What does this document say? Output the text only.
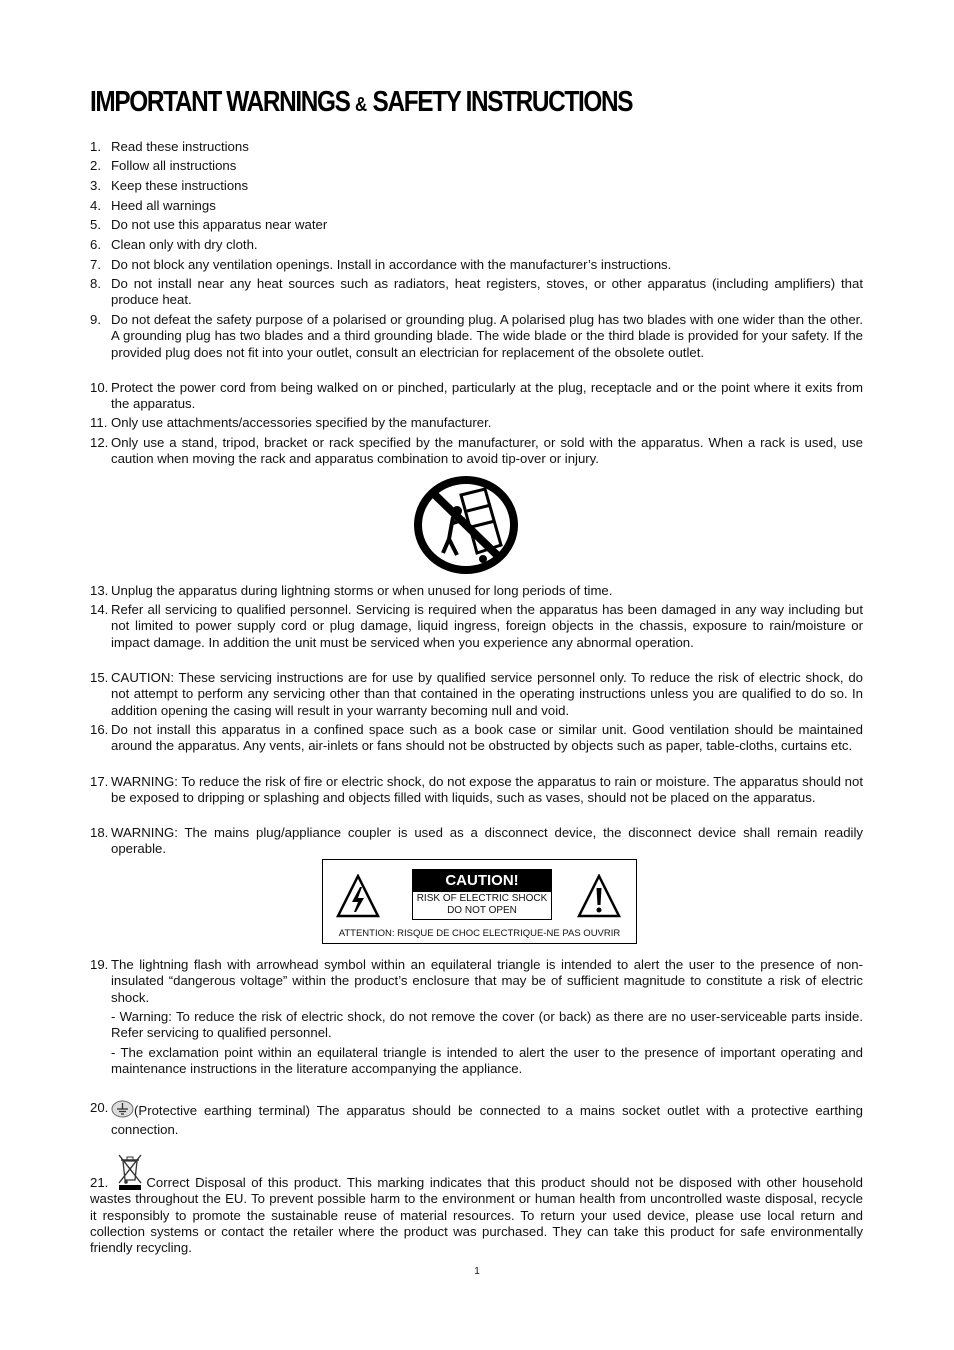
IMPORTANT WARNINGS & SAFETY INSTRUCTIONS
1. Read these instructions
2. Follow all instructions
3. Keep these instructions
4. Heed all warnings
5. Do not use this apparatus near water
6. Clean only with dry cloth.
7. Do not block any ventilation openings. Install in accordance with the manufacturer’s instructions.
8. Do not install near any heat sources such as radiators, heat registers, stoves, or other apparatus (including amplifiers) that produce heat.
9. Do not defeat the safety purpose of a polarised or grounding plug. A polarised plug has two blades with one wider than the other. A grounding plug has two blades and a third grounding blade. The wide blade or the third blade is provided for your safety. If the provided plug does not fit into your outlet, consult an electrician for replacement of the obsolete outlet.
10. Protect the power cord from being walked on or pinched, particularly at the plug, receptacle and or the point where it exits from the apparatus.
11. Only use attachments/accessories specified by the manufacturer.
12. Only use a stand, tripod, bracket or rack specified by the manufacturer, or sold with the apparatus. When a rack is used, use caution when moving the rack and apparatus combination to avoid tip-over or injury.
13. Unplug the apparatus during lightning storms or when unused for long periods of time.
14. Refer all servicing to qualified personnel. Servicing is required when the apparatus has been damaged in any way including but not limited to power supply cord or plug damage, liquid ingress, foreign objects in the chassis, exposure to rain/moisture or impact damage. In addition the unit must be serviced when you experience any abnormal operation.
15. CAUTION: These servicing instructions are for use by qualified service personnel only. To reduce the risk of electric shock, do not attempt to perform any servicing other than that contained in the operating instructions unless you are qualified to do so. In addition opening the casing will result in your warranty becoming null and void.
16. Do not install this apparatus in a confined space such as a book case or similar unit. Good ventilation should be maintained around the apparatus. Any vents, air-inlets or fans should not be obstructed by objects such as paper, table-cloths, curtains etc.
17. WARNING: To reduce the risk of fire or electric shock, do not expose the apparatus to rain or moisture. The apparatus should not be exposed to dripping or splashing and objects filled with liquids, such as vases, should not be placed on the apparatus.
18. WARNING: The mains plug/appliance coupler is used as a disconnect device, the disconnect device shall remain readily operable.
CAUTION!
RISK OF ELECTRIC SHOCK
DO NOT OPEN
ATTENTION: RISQUE DE CHOC ELECTRIQUE-NE PAS OUVRIR
19. The lightning flash with arrowhead symbol within an equilateral triangle is intended to alert the user to the presence of non-insulated “dangerous voltage” within the product’s enclosure that may be of sufficient magnitude to constitute a risk of electric shock.
- Warning: To reduce the risk of electric shock, do not remove the cover (or back) as there are no user-serviceable parts inside. Refer servicing to qualified personnel.
- The exclamation point within an equilateral triangle is intended to alert the user to the presence of important operating and maintenance instructions in the literature accompanying the appliance.
20.	(Protective earthing terminal) The apparatus should be connected to a mains socket outlet with a protective earthing connection.
21.	Correct Disposal of this product. This marking indicates that this product should not be disposed with other household wastes throughout the EU. To prevent possible harm to the environment or human health from uncontrolled waste disposal, recycle it responsibly to promote the sustainable reuse of material resources. To return your used device, please use local return and collection systems or contact the retailer where the product was purchased. They can take this product for safe environmentally friendly recycling.
1
